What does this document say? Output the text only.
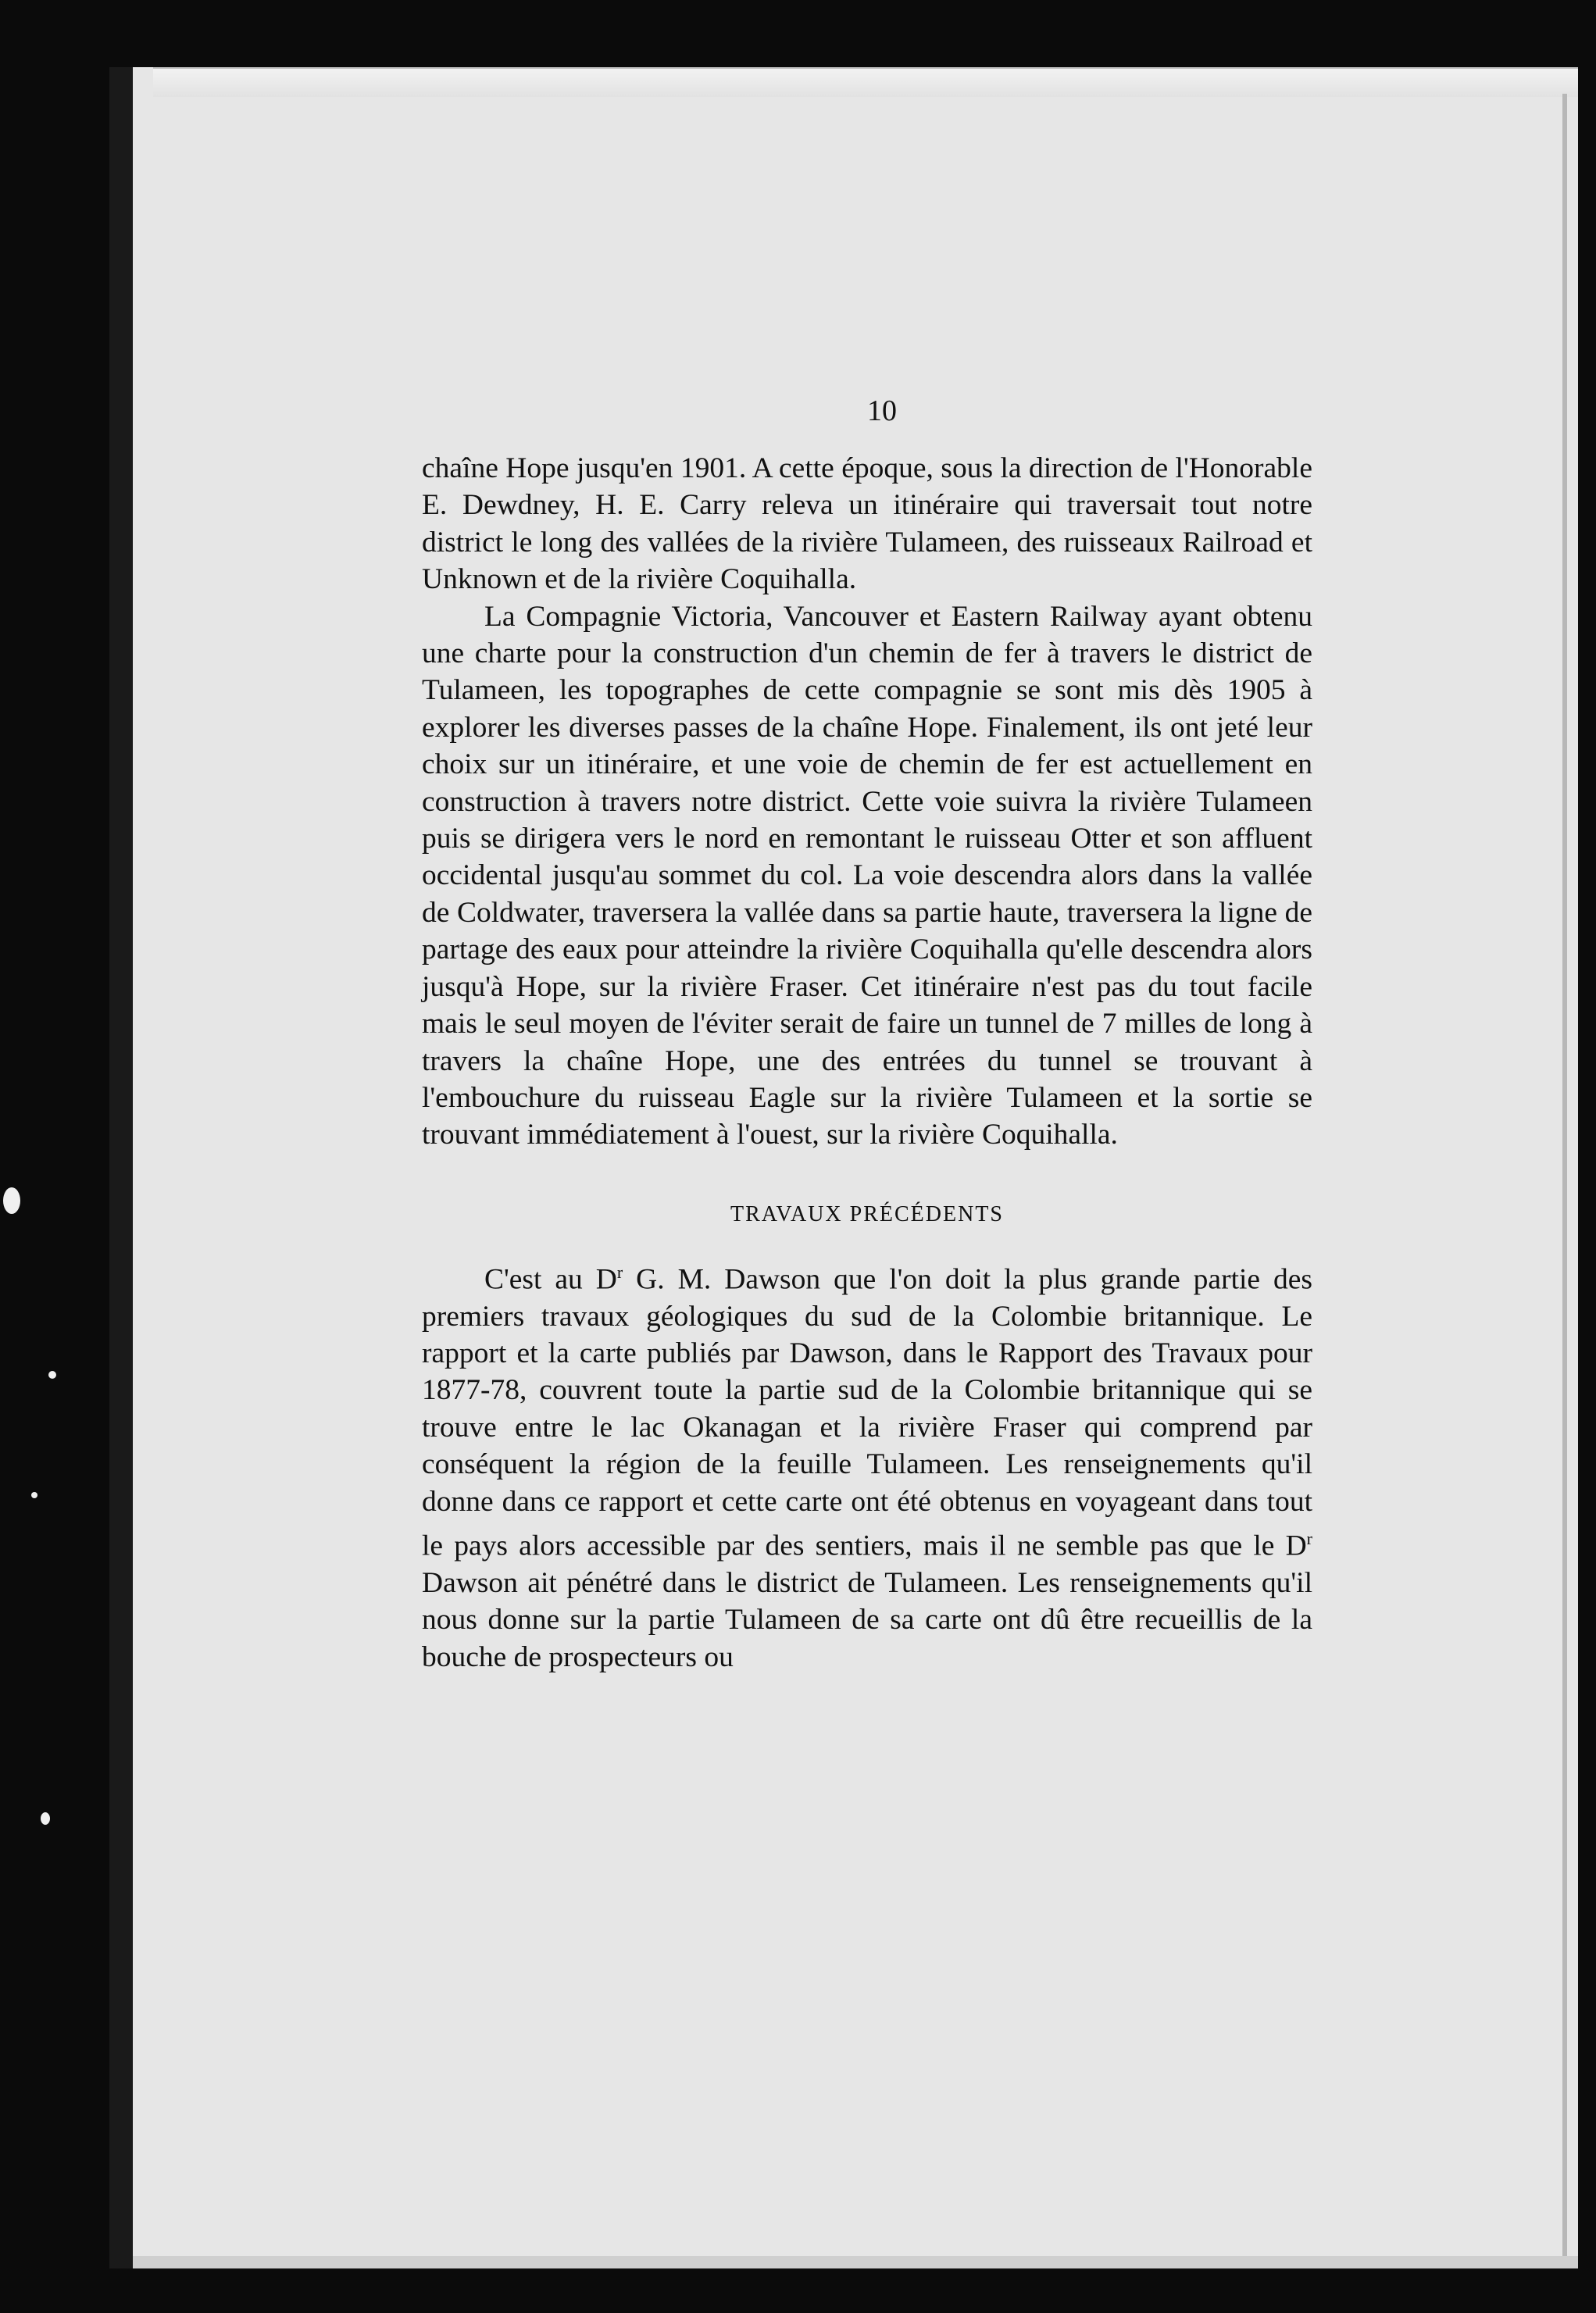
10

chaîne Hope jusqu'en 1901. A cette époque, sous la direction de l'Honorable E. Dewdney, H. E. Carry releva un itinéraire qui traversait tout notre district le long des vallées de la rivière Tulameen, des ruisseaux Railroad et Unknown et de la rivière Coquihalla.

La Compagnie Victoria, Vancouver et Eastern Railway ayant obtenu une charte pour la construction d'un chemin de fer à travers le district de Tulameen, les topographes de cette compagnie se sont mis dès 1905 à explorer les diverses passes de la chaîne Hope. Finalement, ils ont jeté leur choix sur un itinéraire, et une voie de chemin de fer est actuellement en construction à travers notre district. Cette voie suivra la rivière Tulameen puis se dirigera vers le nord en remontant le ruisseau Otter et son affluent occidental jusqu'au sommet du col. La voie descendra alors dans la vallée de Coldwater, traversera la vallée dans sa partie haute, traversera la ligne de partage des eaux pour atteindre la rivière Coquihalla qu'elle descendra alors jusqu'à Hope, sur la rivière Fraser. Cet itinéraire n'est pas du tout facile mais le seul moyen de l'éviter serait de faire un tunnel de 7 milles de long à travers la chaîne Hope, une des entrées du tunnel se trouvant à l'embouchure du ruisseau Eagle sur la rivière Tulameen et la sortie se trouvant immédiatement à l'ouest, sur la rivière Coquihalla.

TRAVAUX PRÉCÉDENTS

C'est au $D^r$ G. M. Dawson que l'on doit la plus grande partie des premiers travaux géologiques du sud de la Colombie britannique. Le rapport et la carte publiés par Dawson, dans le Rapport des Travaux pour 1877-78, couvrent toute la partie sud de la Colombie britannique qui se trouve entre le lac Okanagan et la rivière Fraser qui comprend par conséquent la région de la feuille Tulameen. Les renseignements qu'il donne dans ce rapport et cette carte ont été obtenus en voyageant dans tout le pays alors accessible par des sentiers, mais il ne semble pas que le $D^r$ Dawson ait pénétré dans le district de Tulameen. Les renseignements qu'il nous donne sur la partie Tulameen de sa carte ont dû être recueillis de la bouche de prospecteurs ou
